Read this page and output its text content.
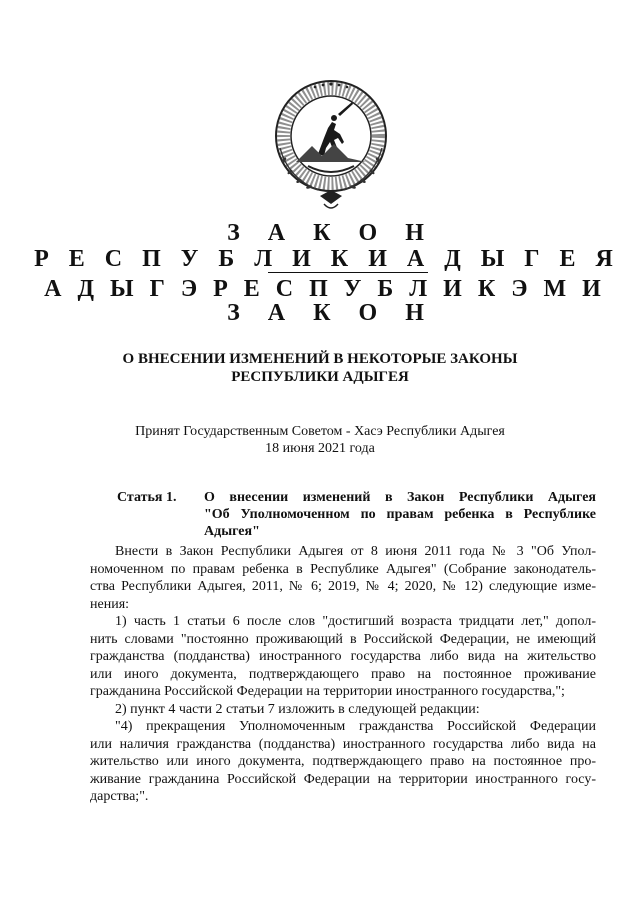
З А К О Н
Р Е С П У Б Л И К И А Д Ы Г Е Я
А Д Ы Г Э Р Е С П У Б Л И К Э М И
З А К О Н
О ВНЕСЕНИИ ИЗМЕНЕНИЙ В НЕКОТОРЫЕ ЗАКОНЫ
РЕСПУБЛИКИ АДЫГЕЯ
Принят Государственным Советом - Хасэ Республики Адыгея
18 июня 2021 года
Статья 1. О внесении изменений в Закон Республики Адыгея
"Об Уполномоченном по правам ребенка в Республике
Адыгея"
Внести в Закон Республики Адыгея от 8 июня 2011 года № 3 "Об Упол-
номоченном по правам ребенка в Республике Адыгея" (Собрание законодатель-
ства Республики Адыгея, 2011, № 6; 2019, № 4; 2020, № 12) следующие изме-
нения:
1) часть 1 статьи 6 после слов "достигший возраста тридцати лет," допол-
нить словами "постоянно проживающий в Российской Федерации, не имеющий
гражданства (подданства) иностранного государства либо вида на жительство
или иного документа, подтверждающего право на постоянное проживание
гражданина Российской Федерации на территории иностранного государства,";
2) пункт 4 части 2 статьи 7 изложить в следующей редакции:
"4) прекращения Уполномоченным гражданства Российской Федерации
или наличия гражданства (подданства) иностранного государства либо вида на
жительство или иного документа, подтверждающего право на постоянное про-
живание гражданина Российской Федерации на территории иностранного госу-
дарства;".
